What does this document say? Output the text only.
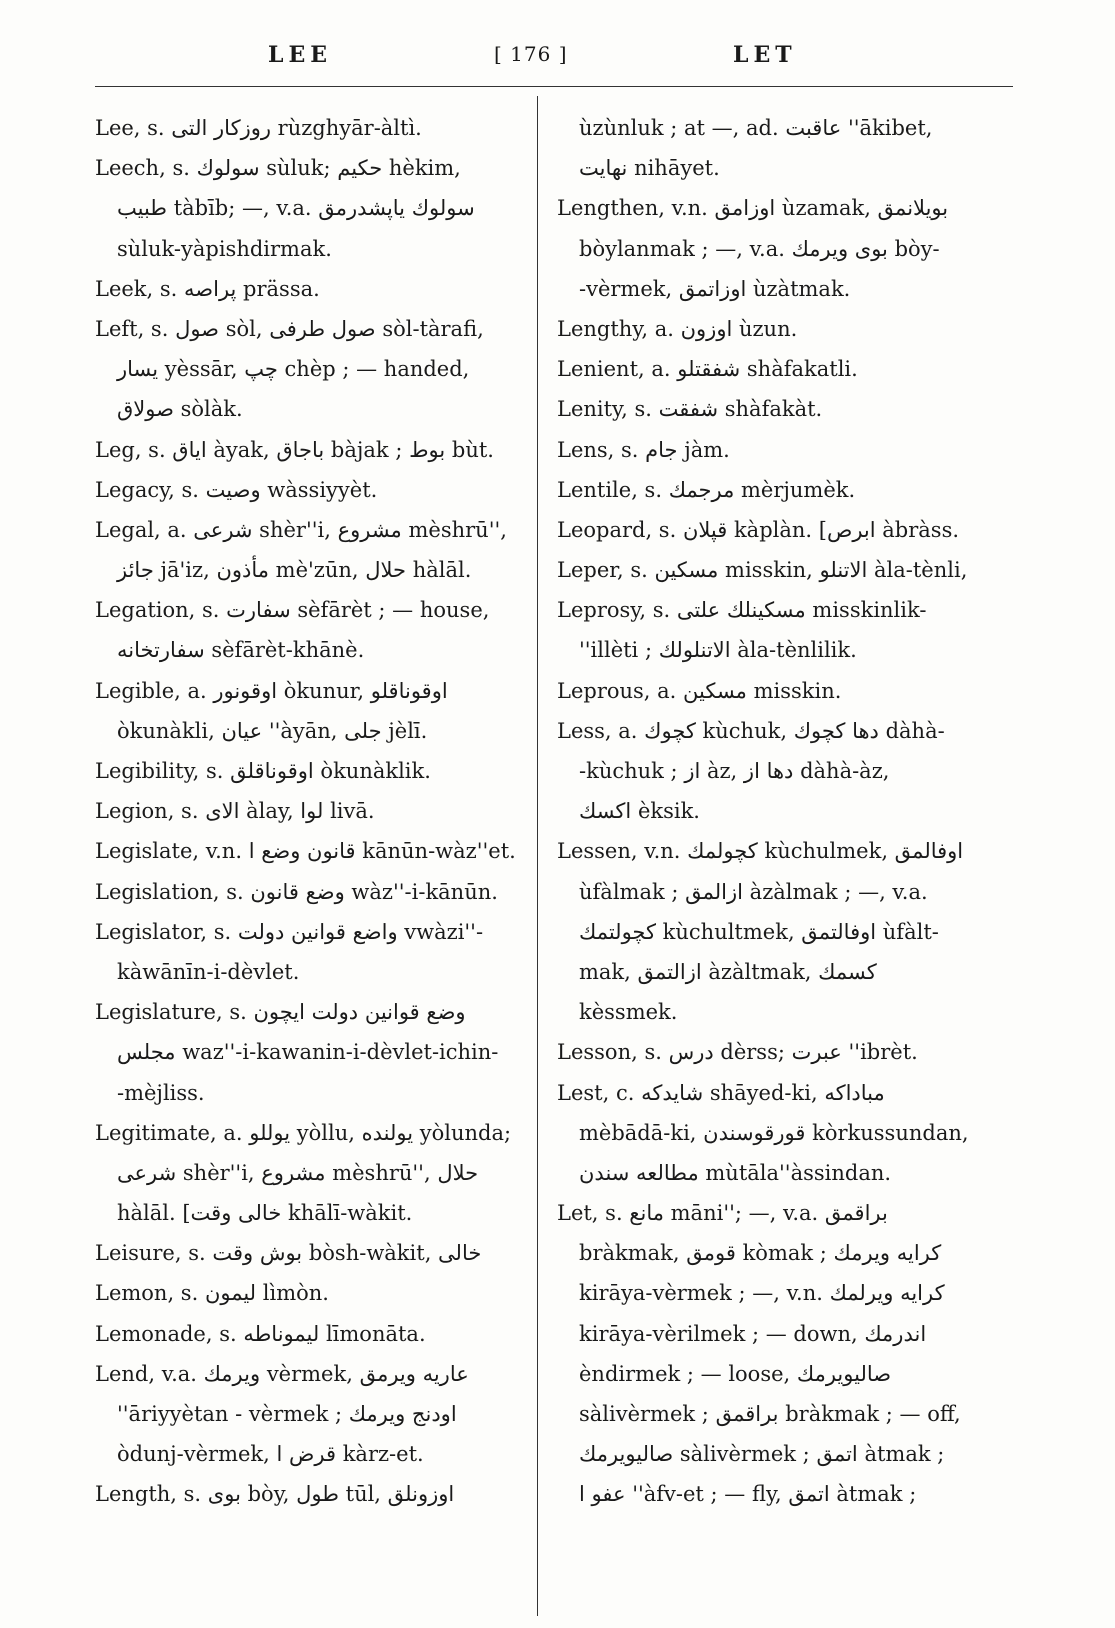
LEE	[ 176 ]	LET
Lee, s. روزكار التی rùzghyār-àltì.
Leech, s. سولوك sùluk; حكيم hèkim,
طبيب tàbīb; —, v.a. سولوك ياپشدرمق
sùluk-yàpishdirmak.
Leek, s. پراصه prässa.
Left, s. صول sòl, صول طرفی sòl-tàrafi,
يسار yèssār, چپ chèp ; — handed,
صولاق sòlàk.
Leg, s. اياق àyak, باجاق bàjak ; بوط bùt.
Legacy, s. وصيت wàssiyyèt.
Legal, a. شرعی shèr''i, مشروع mèshrū'',
جائز jā'iz, مأذون mè'zūn, حلال hàlāl.
Legation, s. سفارت sèfārèt ; — house,
سفارتخانه sèfārèt-khānè.
Legible, a. اوقونور òkunur, اوقوناقلو
òkunàkli, عيان ''àyān, جلی jèlī.
Legibility, s. اوقوناقلق òkunàklik.
Legion, s. الای àlay, لوا livā.
Legislate, v.n. قانون وضع ا kānūn-wàz''et.
Legislation, s. وضع قانون wàz''-i-kānūn.
Legislator, s. واضع قوانين دولت vwàzi''-
kàwānīn-i-dèvlet.
Legislature, s. وضع قوانين دولت ايچون
مجلس waz''-i-kawanin-i-dèvlet-ichin-
-mèjliss.
Legitimate, a. يوللو yòllu, يولنده yòlunda;
شرعی shèr''i, مشروع mèshrū'', حلال
hàlāl. [خالی وقت khālī-wàkit.
Leisure, s. بوش وقت bòsh-wàkit, خالی
Lemon, s. ليمون lìmòn.
Lemonade, s. ليموناطه līmonāta.
Lend, v.a. ويرمك vèrmek, عاريه ويرمق
''āriyyètan - vèrmek ; اودنج ويرمك
òdunj-vèrmek, قرض ا kàrz-et.
Length, s. بوی bòy, طول tūl, اوزونلق
ùzùnluk ; at —, ad. عاقبت ''ākibet,
نهايت nihāyet.
Lengthen, v.n. اوزامق ùzamak, بويلانمق
bòylanmak ; —, v.a. بوی ويرمك bòy-
-vèrmek, اوزاتمق ùzàtmak.
Lengthy, a. اوزون ùzun.
Lenient, a. شفقتلو shàfakatli.
Lenity, s. شفقت shàfakàt.
Lens, s. جام jàm.
Lentile, s. مرجمك mèrjumèk.
Leopard, s. قپلان kàplàn. [ابرص àbràss.
Leper, s. مسكين misskin, الاتنلو àla-tènli,
Leprosy, s. مسكينلك علتی misskinlik-
''illèti ; الاتنلولك àla-tènlilik.
Leprous, a. مسكين misskin.
Less, a. كچوك kùchuk, دها كچوك dàhà-
-kùchuk ; از àz, دها از dàhà-àz,
اكسك èksik.
Lessen, v.n. كچولمك kùchulmek, اوفالمق
ùfàlmak ; ازالمق àzàlmak ; —, v.a.
كچولتمك kùchultmek, اوفالتمق ùfàlt-
mak, ازالتمق àzàltmak, كسمك
kèssmek.
Lesson, s. درس dèrss; عبرت ''ibrèt.
Lest, c. شايدكه shāyed-ki, مباداكه
mèbādā-ki, قورقوسندن kòrkussundan,
مطالعه سندن mùtāla''àssindan.
Let, s. مانع māni''; —, v.a. براقمق
bràkmak, قومق kòmak ; كرايه ويرمك
kirāya-vèrmek ; —, v.n. كرايه ويرلمك
kirāya-vèrilmek ; — down, اندرمك
èndirmek ; — loose, صاليويرمك
sàlivèrmek ; براقمق bràkmak ; — off,
صاليويرمك sàlivèrmek ; اتمق àtmak ;
عفو ا ''àfv-et ; — fly, اتمق àtmak ;
